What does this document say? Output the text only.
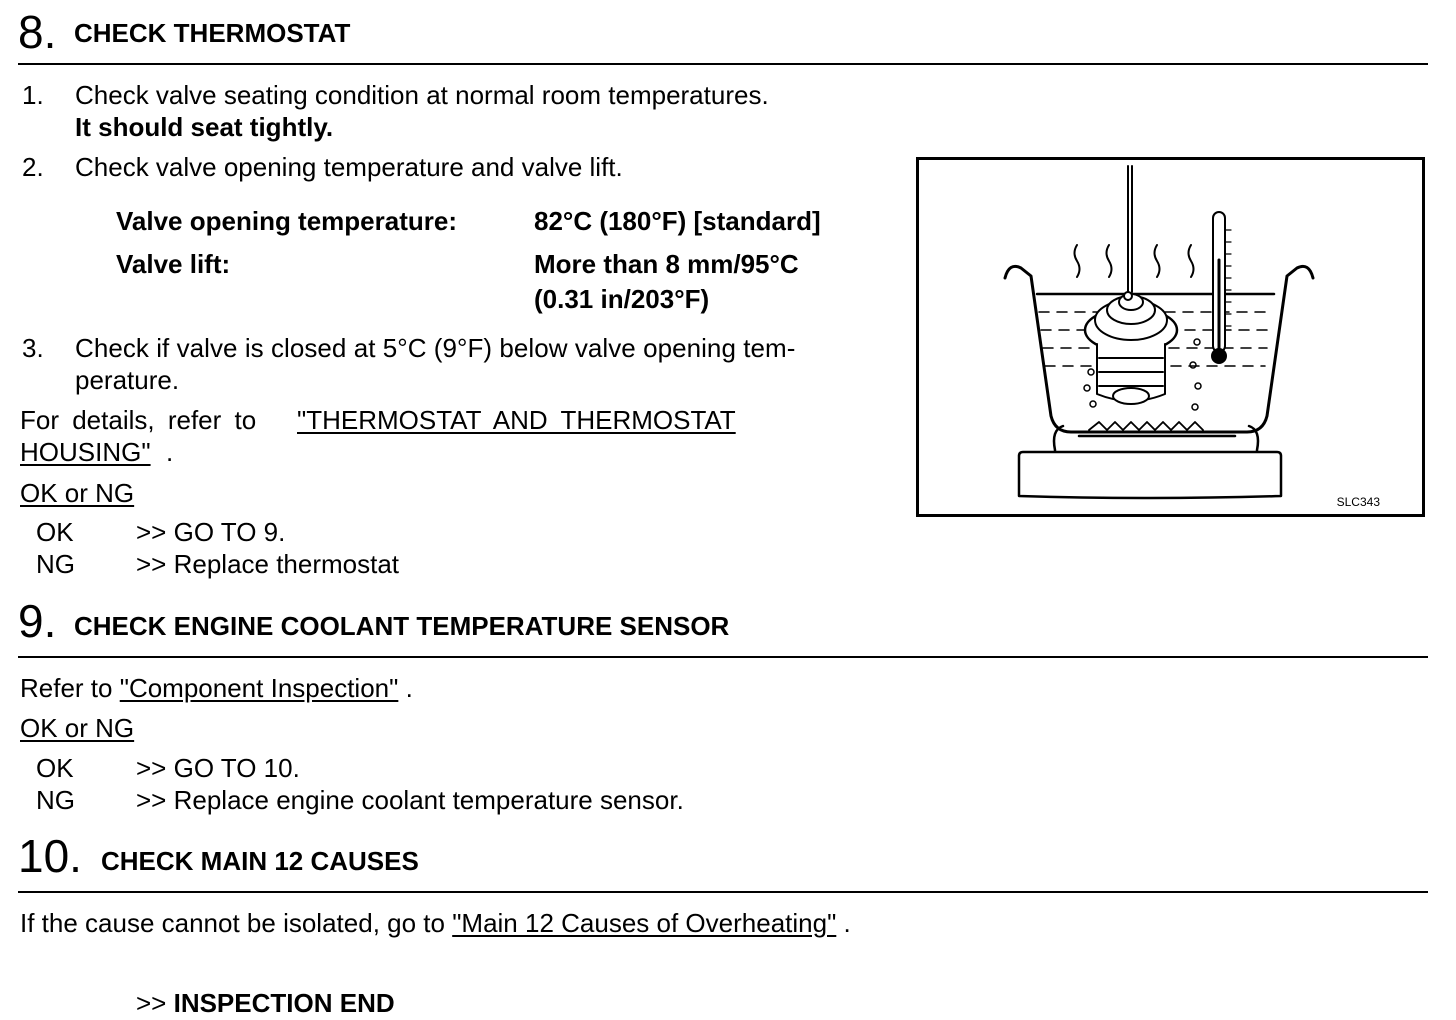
8. CHECK THERMOSTAT
1. Check valve seating condition at normal room temperatures.
It should seat tightly.
2. Check valve opening temperature and valve lift.
Valve opening temperature:	82°C (180°F) [standard]
Valve lift:	More than 8 mm/95°C
(0.31 in/203°F)
3. Check if valve is closed at 5°C (9°F) below valve opening tem-
perature.
For details, refer to "THERMOSTAT AND THERMOSTAT
HOUSING" .
OK or NG
OK >> GO TO 9.
NG >> Replace thermostat
SLC343
9. CHECK ENGINE COOLANT TEMPERATURE SENSOR
Refer to "Component Inspection" .
OK or NG
OK >> GO TO 10.
NG >> Replace engine coolant temperature sensor.
10. CHECK MAIN 12 CAUSES
If the cause cannot be isolated, go to "Main 12 Causes of Overheating" .
>> INSPECTION END
